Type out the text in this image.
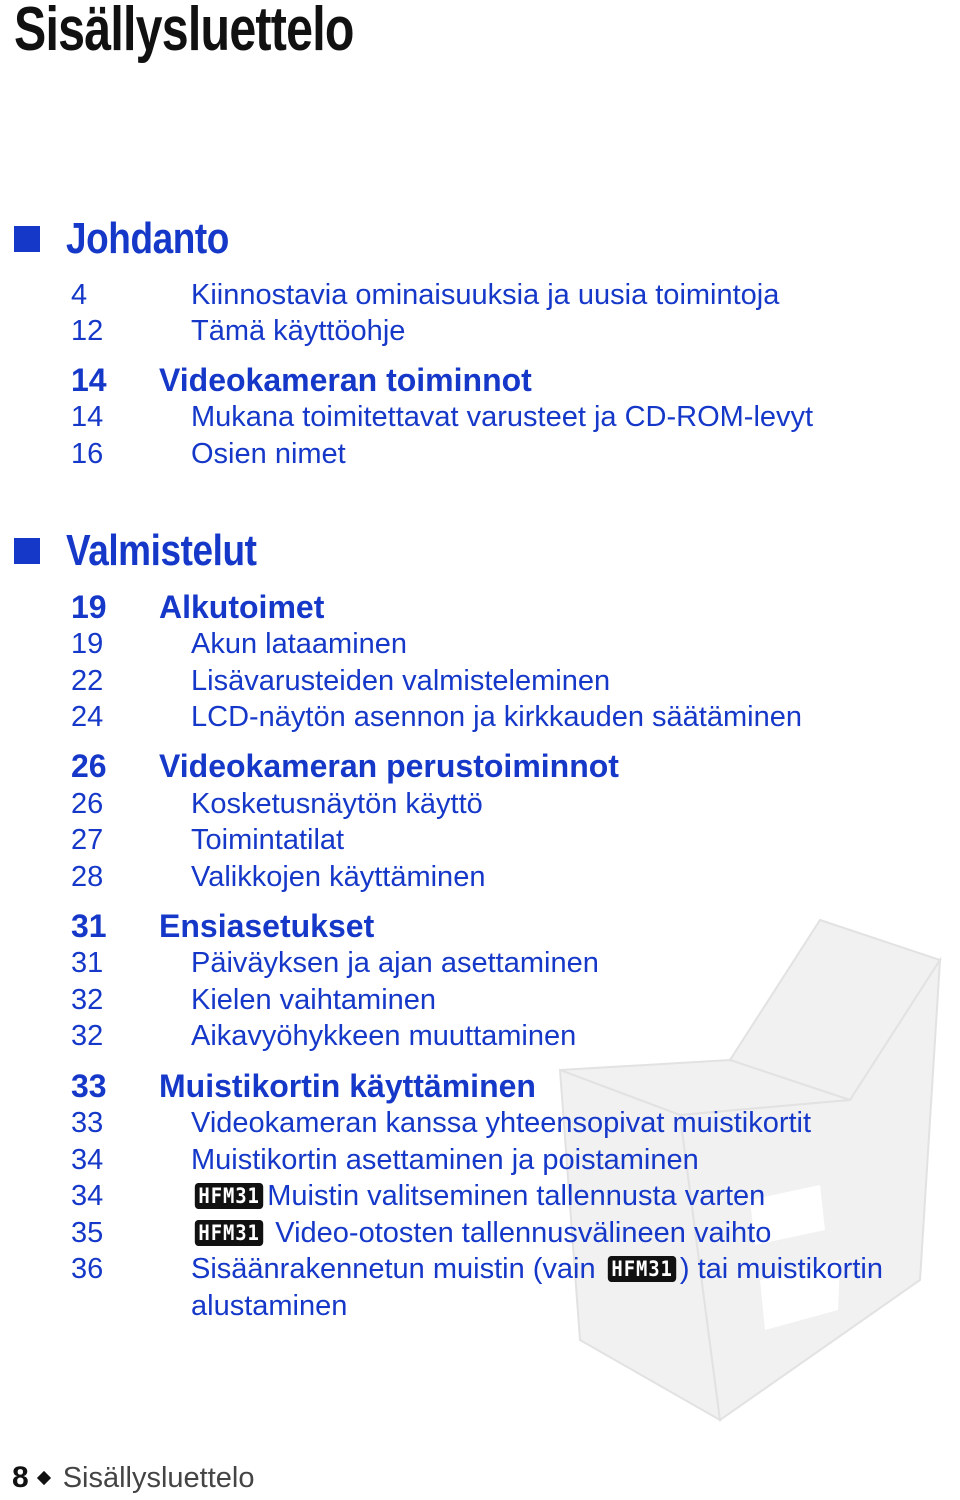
Sisällysluettelo
Johdanto
4	Kiinnostavia ominaisuuksia ja uusia toimintoja
12	Tämä käyttöohje
14 Videokameran toiminnot
14	Mukana toimitettavat varusteet ja CD-ROM-levyt
16	Osien nimet
Valmistelut
19 Alkutoimet
19	Akun lataaminen
22	Lisävarusteiden valmisteleminen
24	LCD-näytön asennon ja kirkkauden säätäminen
26 Videokameran perustoiminnot
26	Kosketusnäytön käyttö
27	Toimintatilat
28	Valikkojen käyttäminen
31 Ensiasetukset
31	Päiväyksen ja ajan asettaminen
32	Kielen vaihtaminen
32	Aikavyöhykkeen muuttaminen
33 Muistikortin käyttäminen
33	Videokameran kanssa yhteensopivat muistikortit
34	Muistikortin asettaminen ja poistaminen
34	HFM31 Muistin valitseminen tallennusta varten
35	HFM31 Video-otosten tallennusvälineen vaihto
36	Sisäänrakennetun muistin (vain HFM31 ) tai muistikortin
alustaminen
8 Sisällysluettelo
